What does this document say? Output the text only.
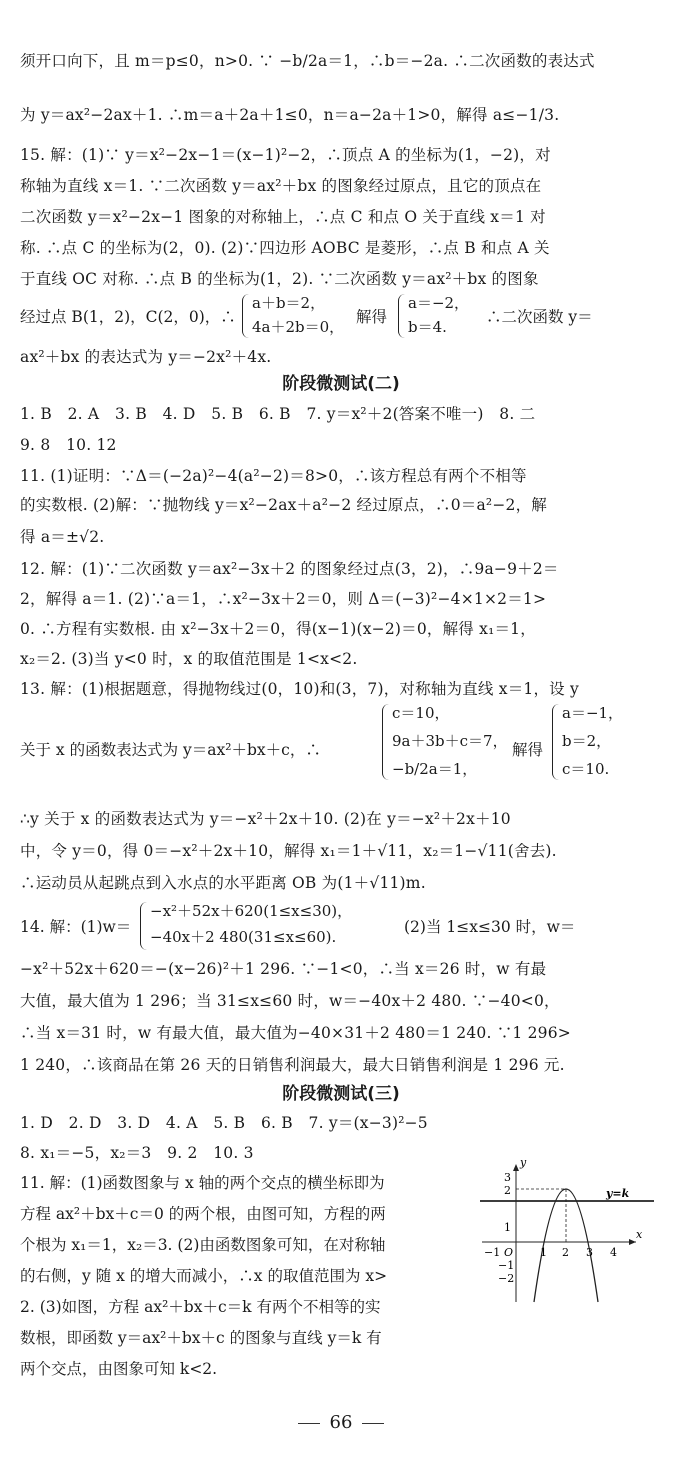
须开口向下，且 m＝p≤0，n>0. ∵ −b/2a＝1，∴b＝−2a. ∴二次函数的表达式
为 y＝ax²−2ax＋1. ∴m＝a＋2a＋1≤0，n＝a−2a＋1>0，解得 a≤−1/3.
15. 解：(1)∵ y＝x²−2x−1＝(x−1)²−2，∴顶点 A 的坐标为(1，−2)，对
称轴为直线 x＝1. ∵二次函数 y＝ax²＋bx 的图象经过原点，且它的顶点在
二次函数 y＝x²−2x−1 图象的对称轴上，∴点 C 和点 O 关于直线 x＝1 对
称. ∴点 C 的坐标为(2，0). (2)∵四边形 AOBC 是菱形，∴点 B 和点 A 关
于直线 OC 对称. ∴点 B 的坐标为(1，2). ∵二次函数 y＝ax²＋bx 的图象
经过点 B(1，2)，C(2，0)，∴
a＋b＝2，
4a＋2b＝0，
解得
a＝−2，
b＝4.
∴二次函数 y＝
ax²＋bx 的表达式为 y＝−2x²＋4x.
阶段微测试(二)
1. B　2. A　3. B　4. D　5. B　6. B　7. y＝x²＋2(答案不唯一)　8. 二
9. 8　10. 12
11. (1)证明：∵Δ＝(−2a)²−4(a²−2)＝8>0，∴该方程总有两个不相等
的实数根. (2)解：∵抛物线 y＝x²−2ax＋a²−2 经过原点，∴0＝a²−2，解
得 a＝±√2.
12. 解：(1)∵二次函数 y＝ax²−3x＋2 的图象经过点(3，2)，∴9a−9＋2＝
2，解得 a＝1. (2)∵a＝1，∴x²−3x＋2＝0，则 Δ＝(−3)²−4×1×2＝1>
0. ∴方程有实数根. 由 x²−3x＋2＝0，得(x−1)(x−2)＝0，解得 x₁＝1，
x₂＝2. (3)当 y<0 时，x 的取值范围是 1<x<2.
13. 解：(1)根据题意，得抛物线过(0，10)和(3，7)，对称轴为直线 x＝1，设 y
关于 x 的函数表达式为 y＝ax²＋bx＋c，∴
c＝10，
9a＋3b＋c＝7，
−b/2a＝1，
解得
a＝−1，
b＝2，
c＝10.
∴y 关于 x 的函数表达式为 y＝−x²＋2x＋10. (2)在 y＝−x²＋2x＋10
中，令 y＝0，得 0＝−x²＋2x＋10，解得 x₁＝1＋√11，x₂＝1−√11(舍去).
∴运动员从起跳点到入水点的水平距离 OB 为(1＋√11)m.
14. 解：(1)w＝
−x²＋52x＋620(1≤x≤30)，
−40x＋2 480(31≤x≤60).
(2)当 1≤x≤30 时，w＝
−x²＋52x＋620＝−(x−26)²＋1 296. ∵−1<0，∴当 x＝26 时，w 有最
大值，最大值为 1 296；当 31≤x≤60 时，w＝−40x＋2 480. ∵−40<0，
∴当 x＝31 时，w 有最大值，最大值为−40×31＋2 480＝1 240. ∵1 296>
1 240，∴该商品在第 26 天的日销售利润最大，最大日销售利润是 1 296 元.
阶段微测试(三)
1. D　2. D　3. D　4. A　5. B　6. B　7. y＝(x−3)²−5
8. x₁＝−5，x₂＝3　9. 2　10. 3
11. 解：(1)函数图象与 x 轴的两个交点的横坐标即为
方程 ax²＋bx＋c＝0 的两个根，由图可知，方程的两
个根为 x₁＝1，x₂＝3. (2)由函数图象可知，在对称轴
的右侧，y 随 x 的增大而减小，∴x 的取值范围为 x>
2. (3)如图，方程 ax²＋bx＋c＝k 有两个不相等的实
数根，即函数 y＝ax²＋bx＋c 的图象与直线 y＝k 有
两个交点，由图象可知 k<2.
y
x
O
y=k
3
2
1
−1
−2
−1	1 2 3 4
66
